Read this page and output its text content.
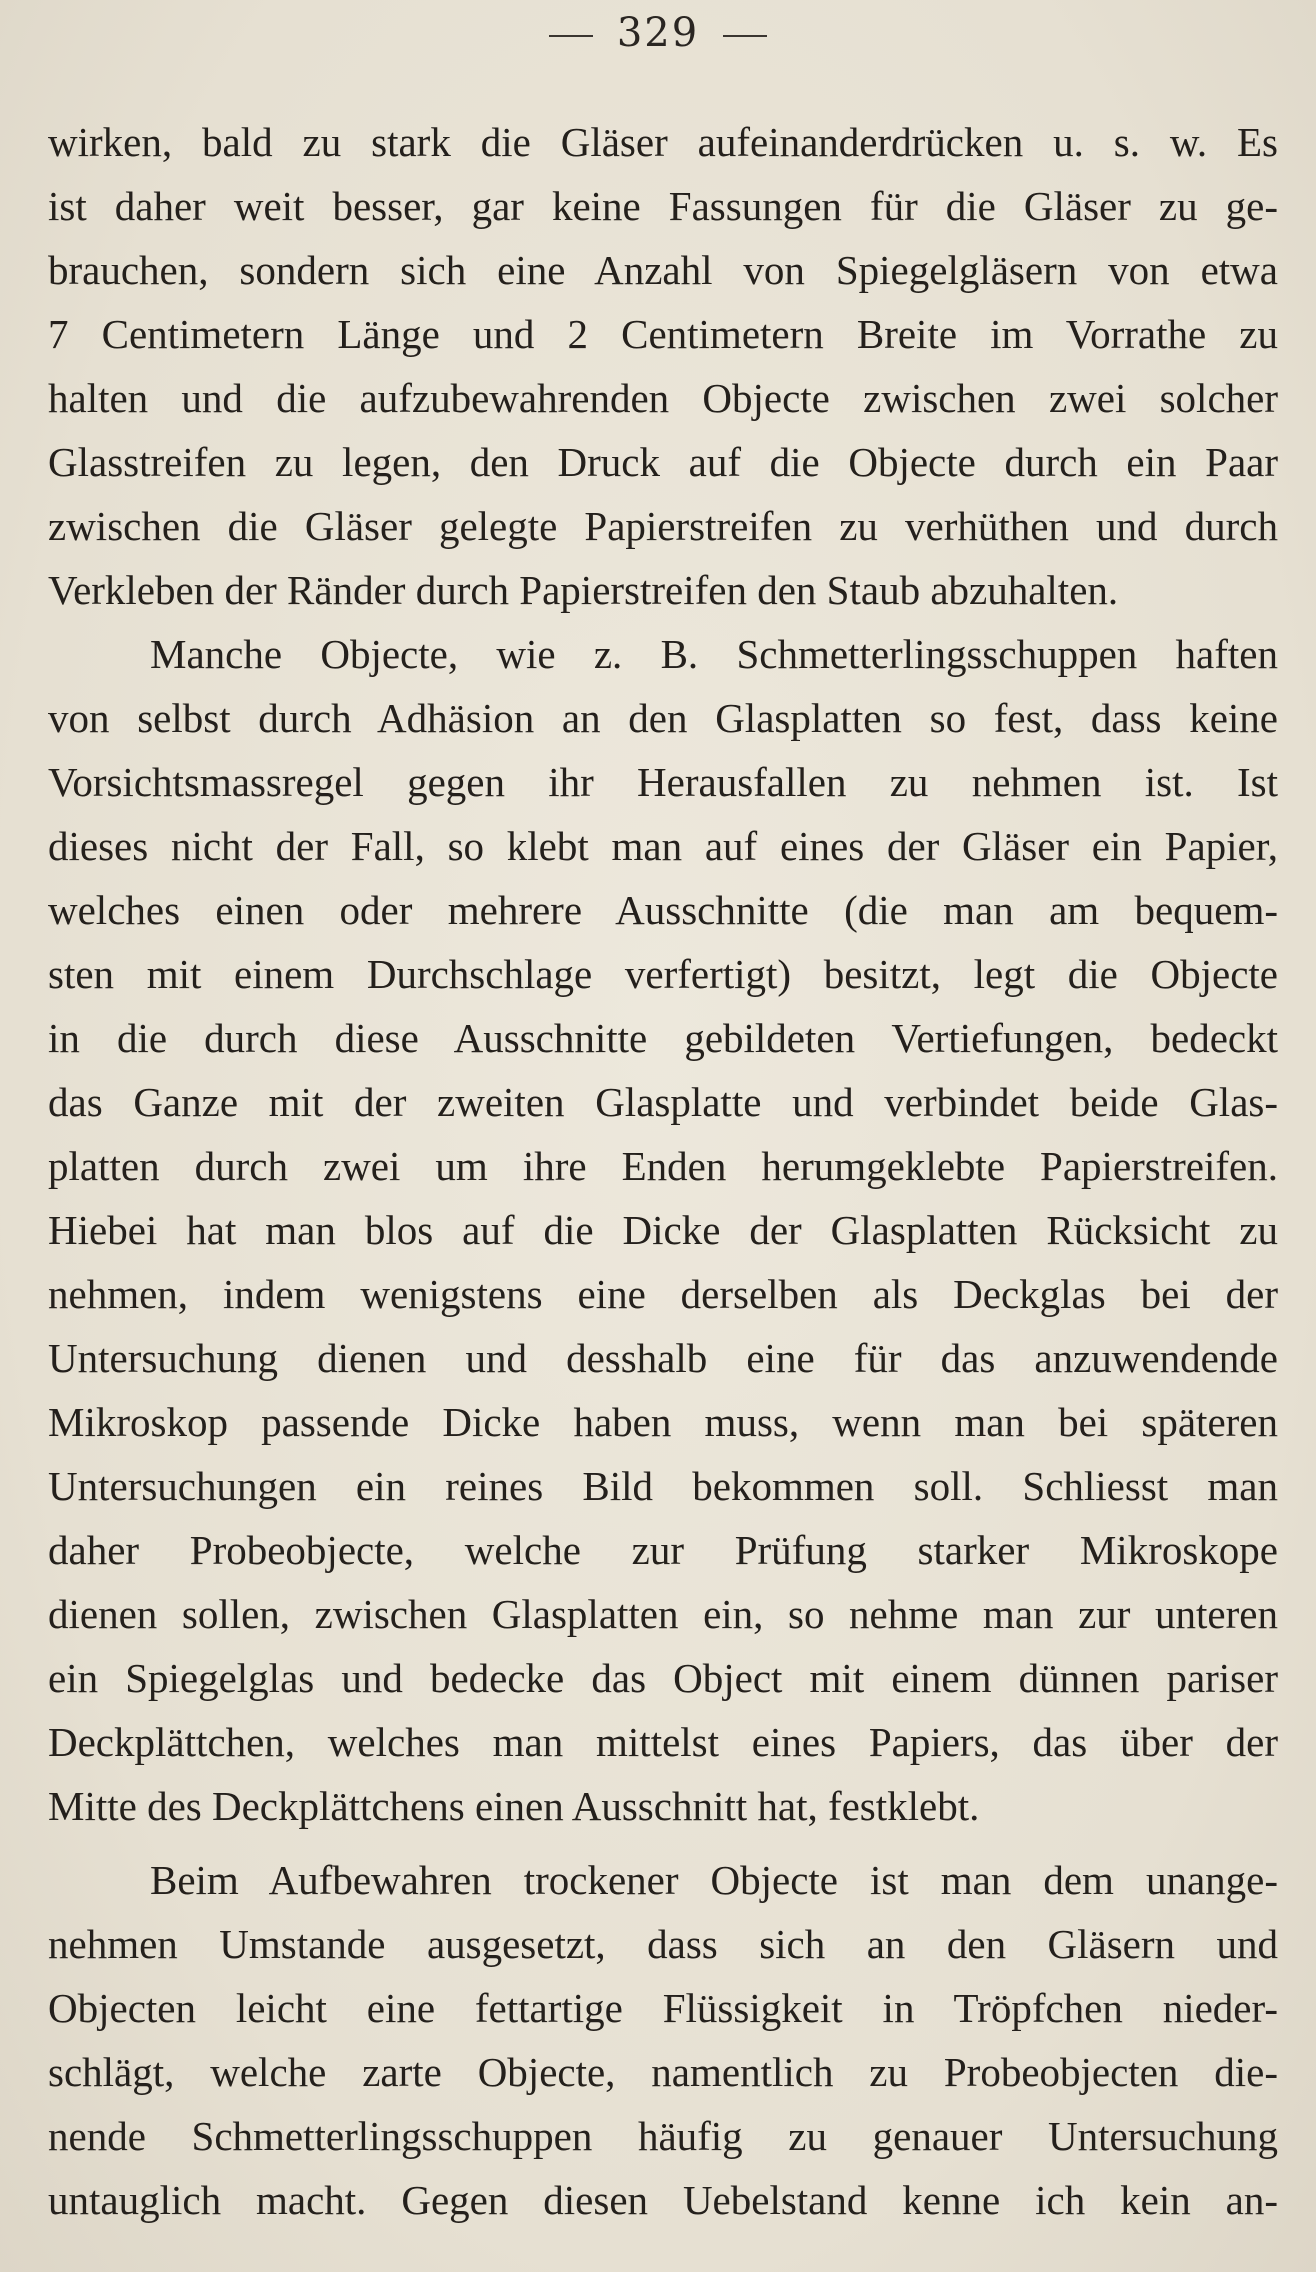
329
wirken, bald zu stark die Gläser aufeinanderdrücken u. s. w. Es
ist daher weit besser, gar keine Fassungen für die Gläser zu ge-
brauchen, sondern sich eine Anzahl von Spiegelgläsern von etwa
7 Centimetern Länge und 2 Centimetern Breite im Vorrathe zu
halten und die aufzubewahrenden Objecte zwischen zwei solcher
Glasstreifen zu legen, den Druck auf die Objecte durch ein Paar
zwischen die Gläser gelegte Papierstreifen zu verhüthen und durch
Verkleben der Ränder durch Papierstreifen den Staub abzuhalten.
Manche Objecte, wie z. B. Schmetterlingsschuppen haften
von selbst durch Adhäsion an den Glasplatten so fest, dass keine
Vorsichtsmassregel gegen ihr Herausfallen zu nehmen ist. Ist
dieses nicht der Fall, so klebt man auf eines der Gläser ein Papier,
welches einen oder mehrere Ausschnitte (die man am bequem-
sten mit einem Durchschlage verfertigt) besitzt, legt die Objecte
in die durch diese Ausschnitte gebildeten Vertiefungen, bedeckt
das Ganze mit der zweiten Glasplatte und verbindet beide Glas-
platten durch zwei um ihre Enden herumgeklebte Papierstreifen.
Hiebei hat man blos auf die Dicke der Glasplatten Rücksicht zu
nehmen, indem wenigstens eine derselben als Deckglas bei der
Untersuchung dienen und desshalb eine für das anzuwendende
Mikroskop passende Dicke haben muss, wenn man bei späteren
Untersuchungen ein reines Bild bekommen soll. Schliesst man
daher Probeobjecte, welche zur Prüfung starker Mikroskope
dienen sollen, zwischen Glasplatten ein, so nehme man zur unteren
ein Spiegelglas und bedecke das Object mit einem dünnen pariser
Deckplättchen, welches man mittelst eines Papiers, das über der
Mitte des Deckplättchens einen Ausschnitt hat, festklebt.
Beim Aufbewahren trockener Objecte ist man dem unange-
nehmen Umstande ausgesetzt, dass sich an den Gläsern und
Objecten leicht eine fettartige Flüssigkeit in Tröpfchen nieder-
schlägt, welche zarte Objecte, namentlich zu Probeobjecten die-
nende Schmetterlingsschuppen häufig zu genauer Untersuchung
untauglich macht. Gegen diesen Uebelstand kenne ich kein an-
